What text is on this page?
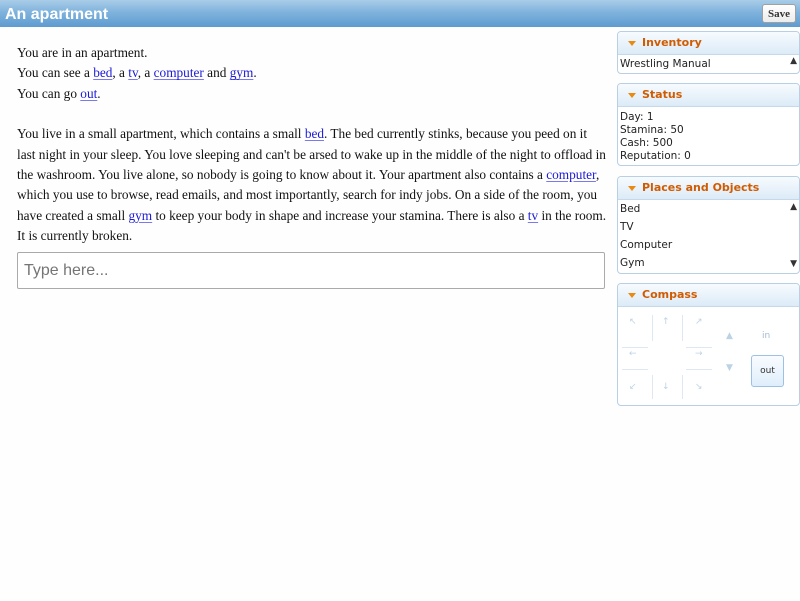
An apartment	Save

You are in an apartment.

You can see a bed, a tv, a computer and gym.

You can go out.

You live in a small apartment, which contains a small bed. The bed currently stinks, because you peed on it last night in your sleep. You love sleeping and can't be arsed to wake up in the middle of the night to offload in the washroom. You live alone, so nobody is going to know about it. Your apartment also contains a computer, which you use to browse, read emails, and most importantly, search for indy jobs. On a side of the room, you have created a small gym to keep your body in shape and increase your stamina. There is also a tv in the room. It is currently broken.

Type here...
Inventory
Wrestling Manual	▲
Status
Day: 1
Stamina: 50
Cash: 500
Reputation: 0
Places and Objects
Bed
TV
Computer
Gym
▲
▼
Compass
↖	↑	↗
←	→
↙	↓	↘
▲
▼
in
out
